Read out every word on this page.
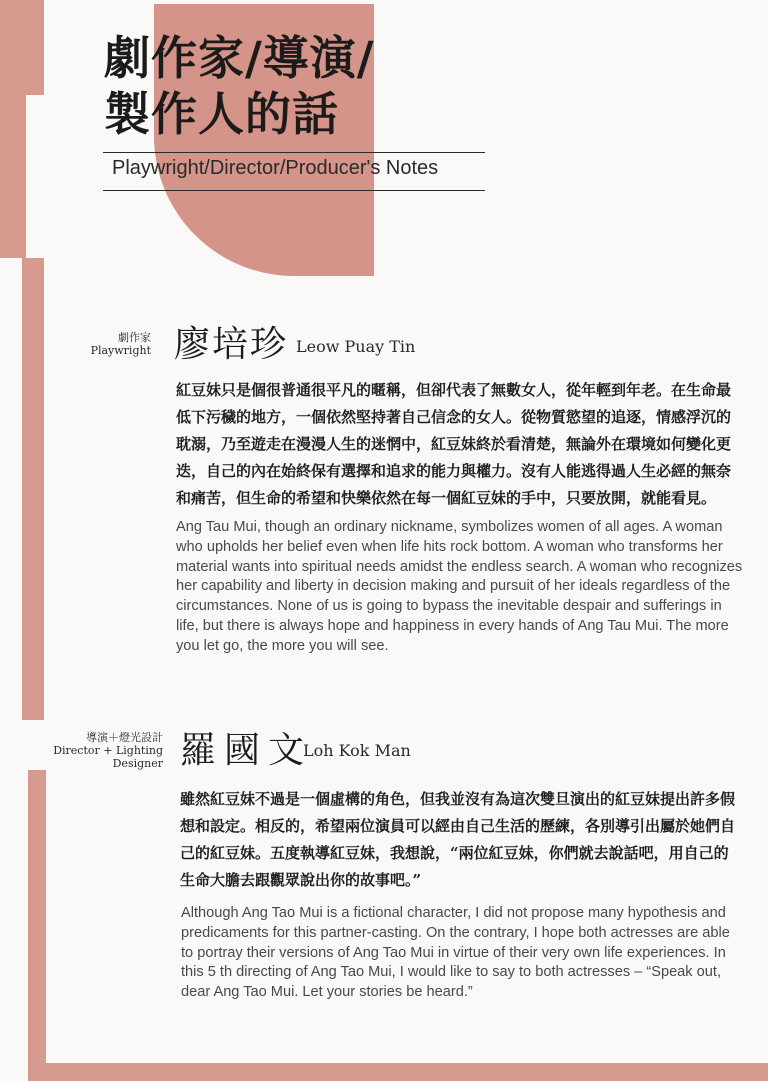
劇作家/導演/
製作人的話

Playwright/Director/Producer's Notes

劇作家
Playwright 廖培珍 Leow Puay Tin

紅豆妹只是個很普通很平凡的暱稱，但卻代表了無數女人，從年輕到年老。在生命最低下污穢的地方，一個依然堅持著自己信念的女人。從物質慾望的追逐，情感浮沉的耽溺，乃至遊走在漫漫人生的迷惘中，紅豆妹終於看清楚，無論外在環境如何變化更迭，自己的內在始終保有選擇和追求的能力與權力。沒有人能逃得過人生必經的無奈和痛苦，但生命的希望和快樂依然在每一個紅豆妹的手中，只要放開，就能看見。

Ang Tau Mui, though an ordinary nickname, symbolizes women of all ages. A woman who upholds her belief even when life hits rock bottom. A woman who transforms her material wants into spiritual needs amidst the endless search. A woman who recognizes her capability and liberty in decision making and pursuit of her ideals regardless of the circumstances. None of us is going to bypass the inevitable despair and sufferings in life, but there is always hope and happiness in every hands of Ang Tau Mui. The more you let go, the more you will see.

導演＋燈光設計
Director + Lighting
Designer 羅國文
Loh Kok Man

雖然紅豆妹不過是一個虛構的角色，但我並沒有為這次雙旦演出的紅豆妹提出許多假想和設定。相反的，希望兩位演員可以經由自己生活的歷練，各別導引出屬於她們自己的紅豆妹。五度執導紅豆妹，我想說，“兩位紅豆妹，你們就去說話吧，用自己的生命大膽去跟觀眾說出你的故事吧。”

Although Ang Tao Mui is a fictional character, I did not propose many hypothesis and predicaments for this partner-casting. On the contrary, I hope both actresses are able to portray their versions of Ang Tao Mui in virtue of their very own life experiences. In this 5 th directing of Ang Tao Mui, I would like to say to both actresses – “Speak out, dear Ang Tao Mui. Let your stories be heard.”
